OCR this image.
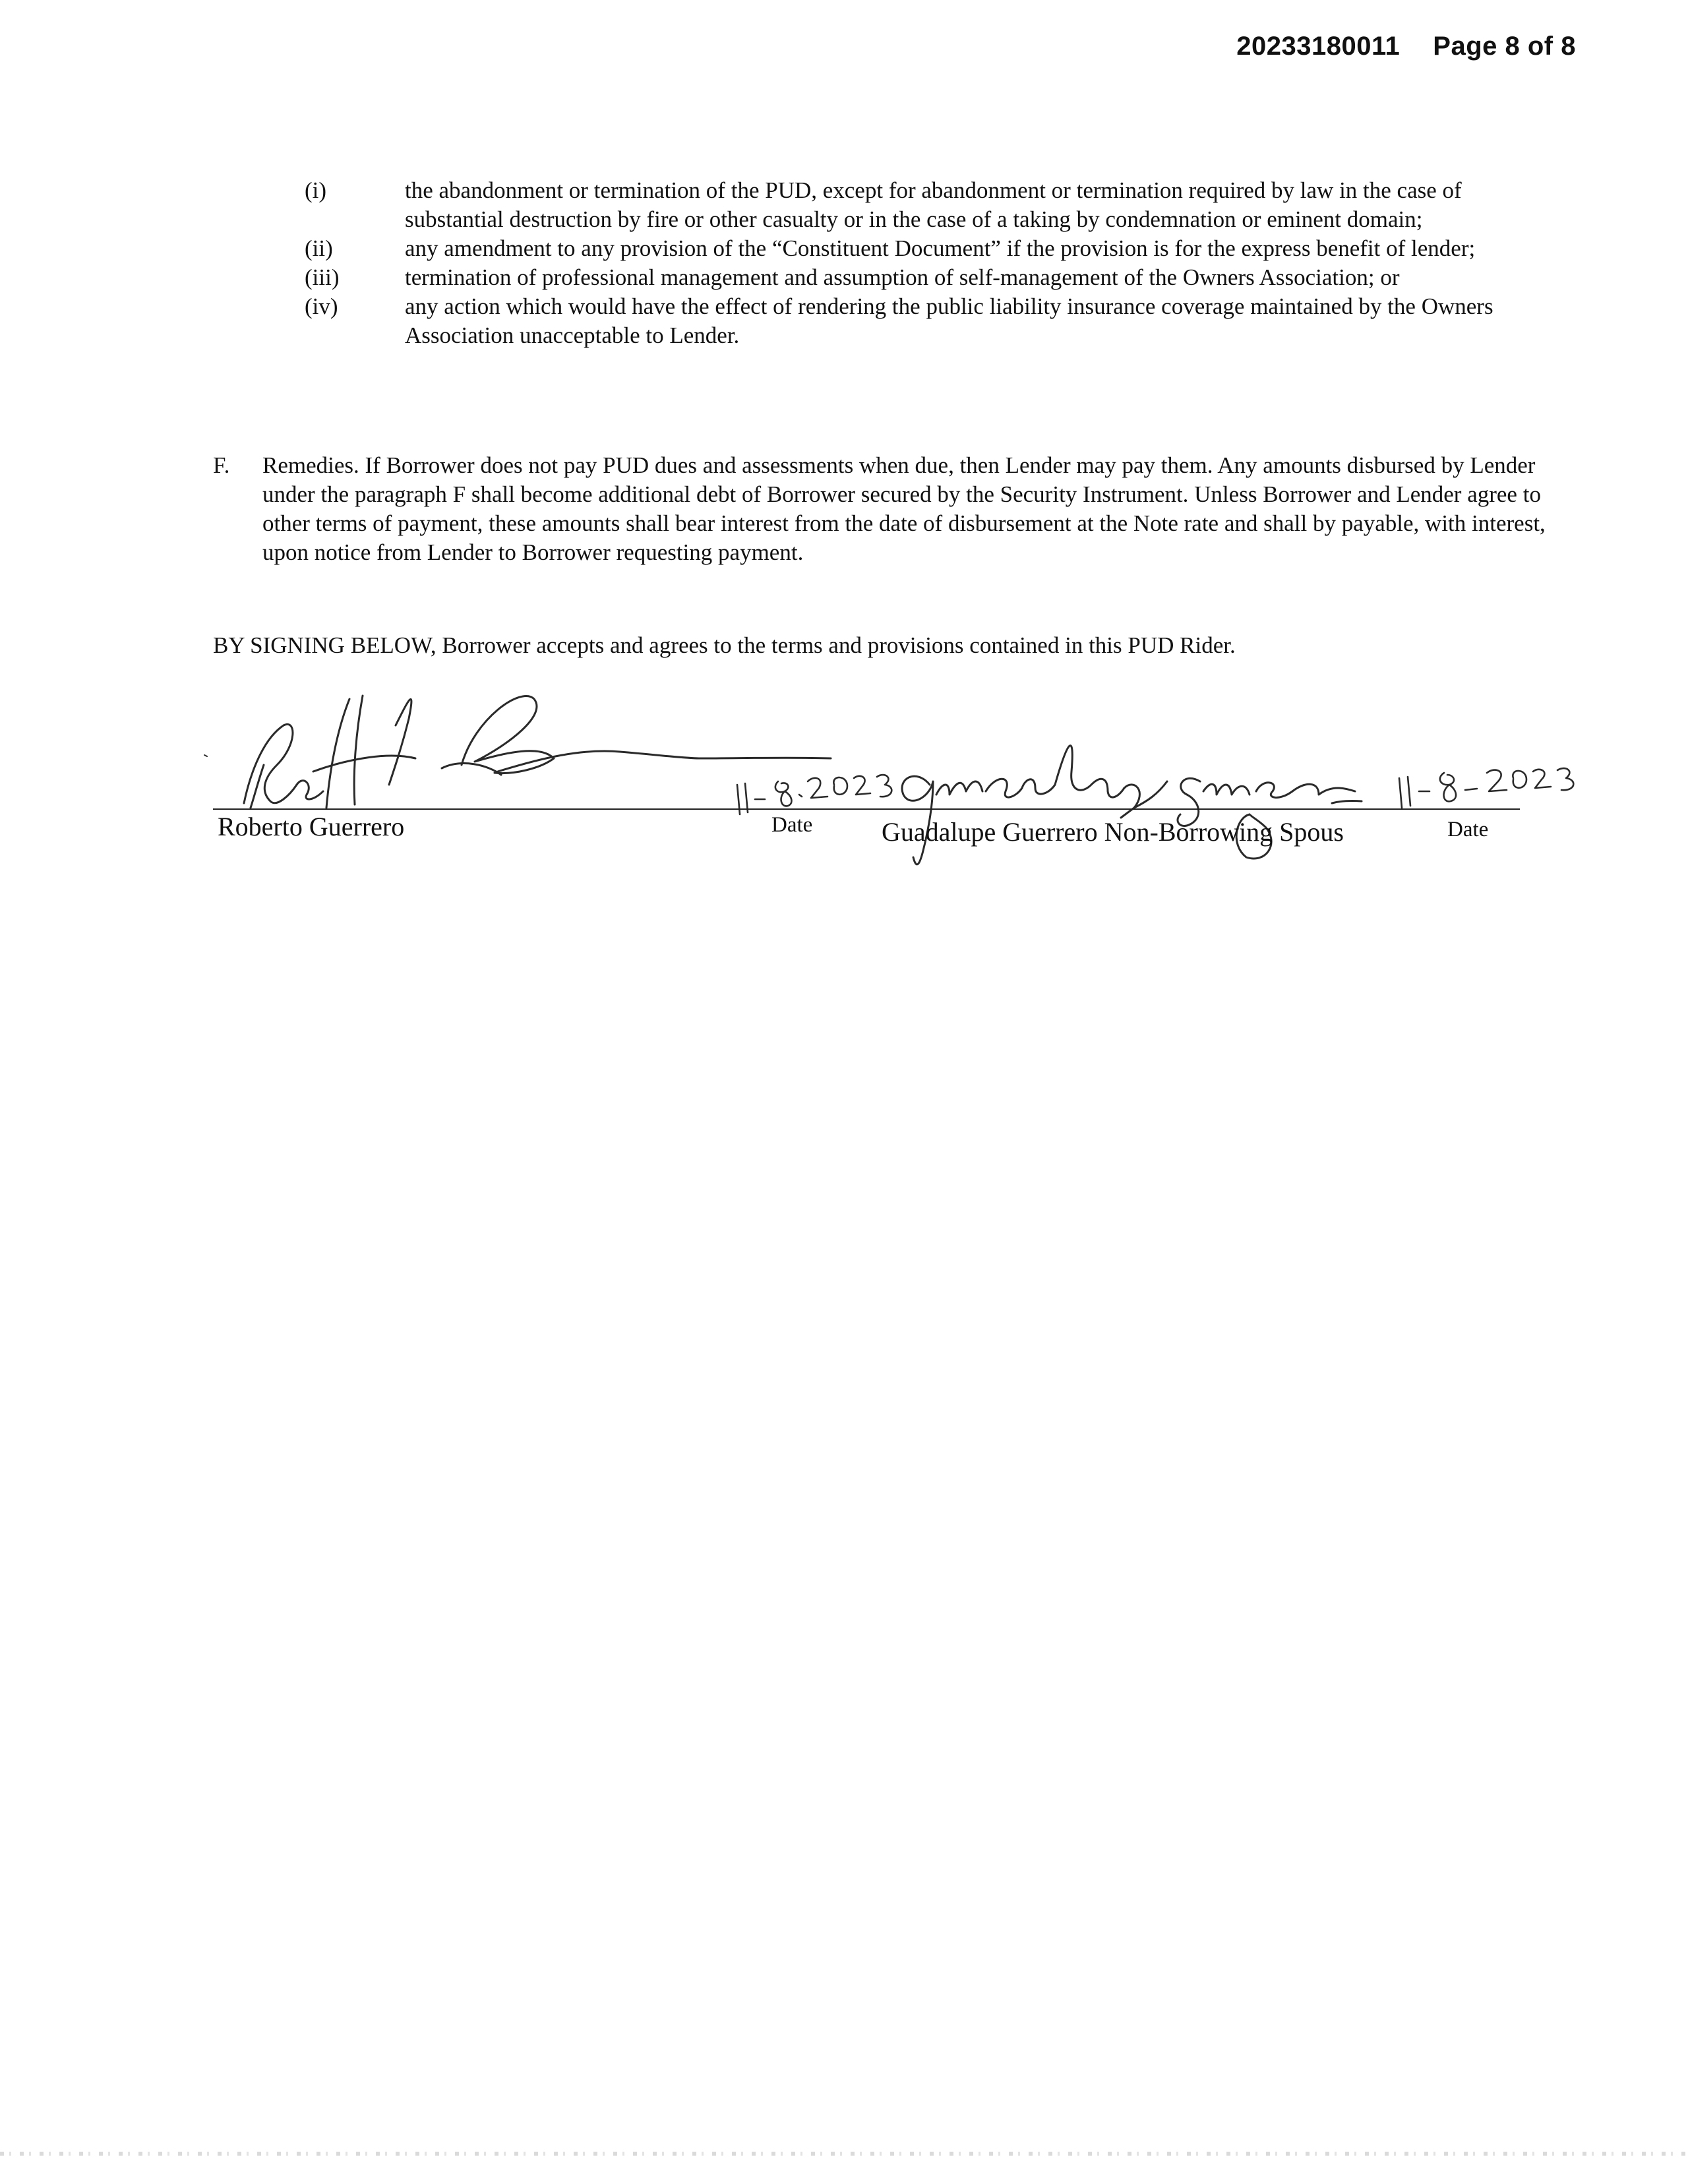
20233180011 Page 8 of 8
(i)	the abandonment or termination of the PUD, except for abandonment or termination required by law in the case of substantial destruction by fire or other casualty or in the case of a taking by condemnation or eminent domain;
(ii)	any amendment to any provision of the “Constituent Document” if the provision is for the express benefit of lender;
(iii)	termination of professional management and assumption of self-management of the Owners Association; or
(iv)	any action which would have the effect of rendering the public liability insurance coverage maintained by the Owners Association unacceptable to Lender.
F.	Remedies. If Borrower does not pay PUD dues and assessments when due, then Lender may pay them. Any amounts disbursed by Lender under the paragraph F shall become additional debt of Borrower secured by the Security Instrument. Unless Borrower and Lender agree to other terms of payment, these amounts shall bear interest from the date of disbursement at the Note rate and shall by payable, with interest, upon notice from Lender to Borrower requesting payment.
BY SIGNING BELOW, Borrower accepts and agrees to the terms and provisions contained in this PUD Rider.
Roberto Guerrero	Date	Guadalupe Guerrero Non-Borrowing Spous	Date
